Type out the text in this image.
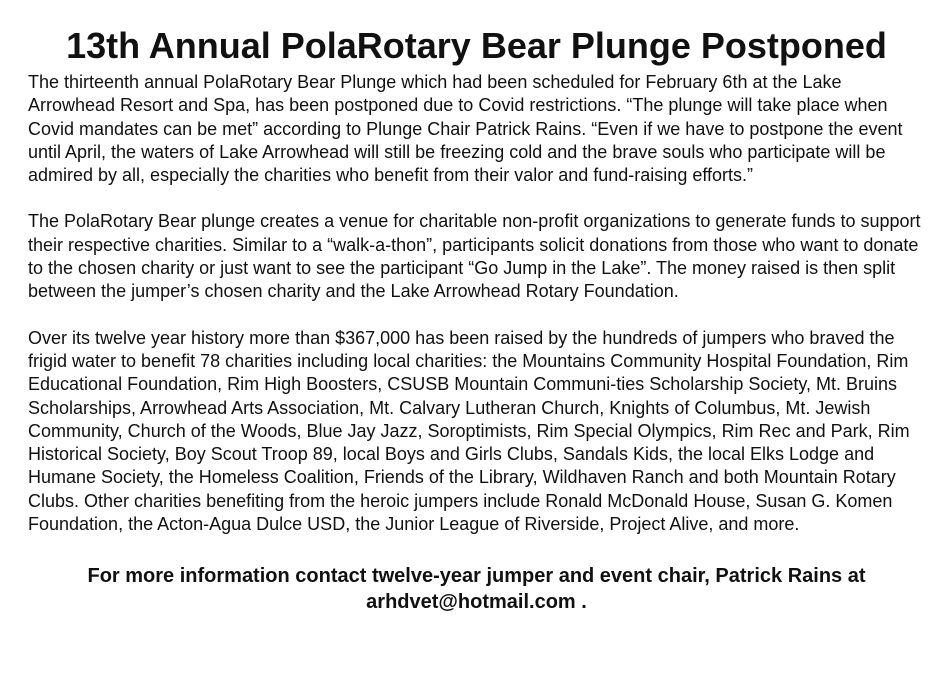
13th Annual PolaRotary Bear Plunge Postponed

The thirteenth annual PolaRotary Bear Plunge which had been scheduled for February 6th at the Lake Arrowhead Resort and Spa, has been postponed due to Covid restrictions. “The plunge will take place when Covid mandates can be met” according to Plunge Chair Patrick Rains. “Even if we have to postpone the event until April, the waters of Lake Arrowhead will still be freezing cold and the brave souls who participate will be admired by all, especially the charities who benefit from their valor and fund-raising efforts.”

The PolaRotary Bear plunge creates a venue for charitable non-profit organizations to generate funds to support their respective charities. Similar to a “walk-a-thon”, participants solicit donations from those who want to donate to the chosen charity or just want to see the participant “Go Jump in the Lake”. The money raised is then split between the jumper’s chosen charity and the Lake Arrowhead Rotary Foundation.

Over its twelve year history more than $367,000 has been raised by the hundreds of jumpers who braved the frigid water to benefit 78 charities including local charities: the Mountains Community Hospital Foundation, Rim Educational Foundation, Rim High Boosters, CSUSB Mountain Communi-ties Scholarship Society, Mt. Bruins Scholarships, Arrowhead Arts Association, Mt. Calvary Lutheran Church, Knights of Columbus, Mt. Jewish Community, Church of the Woods, Blue Jay Jazz, Soroptimists, Rim Special Olympics, Rim Rec and Park, Rim Historical Society, Boy Scout Troop 89, local Boys and Girls Clubs, Sandals Kids, the local Elks Lodge and Humane Society, the Homeless Coalition, Friends of the Library, Wildhaven Ranch and both Mountain Rotary Clubs. Other charities benefiting from the heroic jumpers include Ronald McDonald House, Susan G. Komen Foundation, the Acton-Agua Dulce USD, the Junior League of Riverside, Project Alive, and more.

For more information contact twelve-year jumper and event chair, Patrick Rains at
arhdvet@hotmail.com .
